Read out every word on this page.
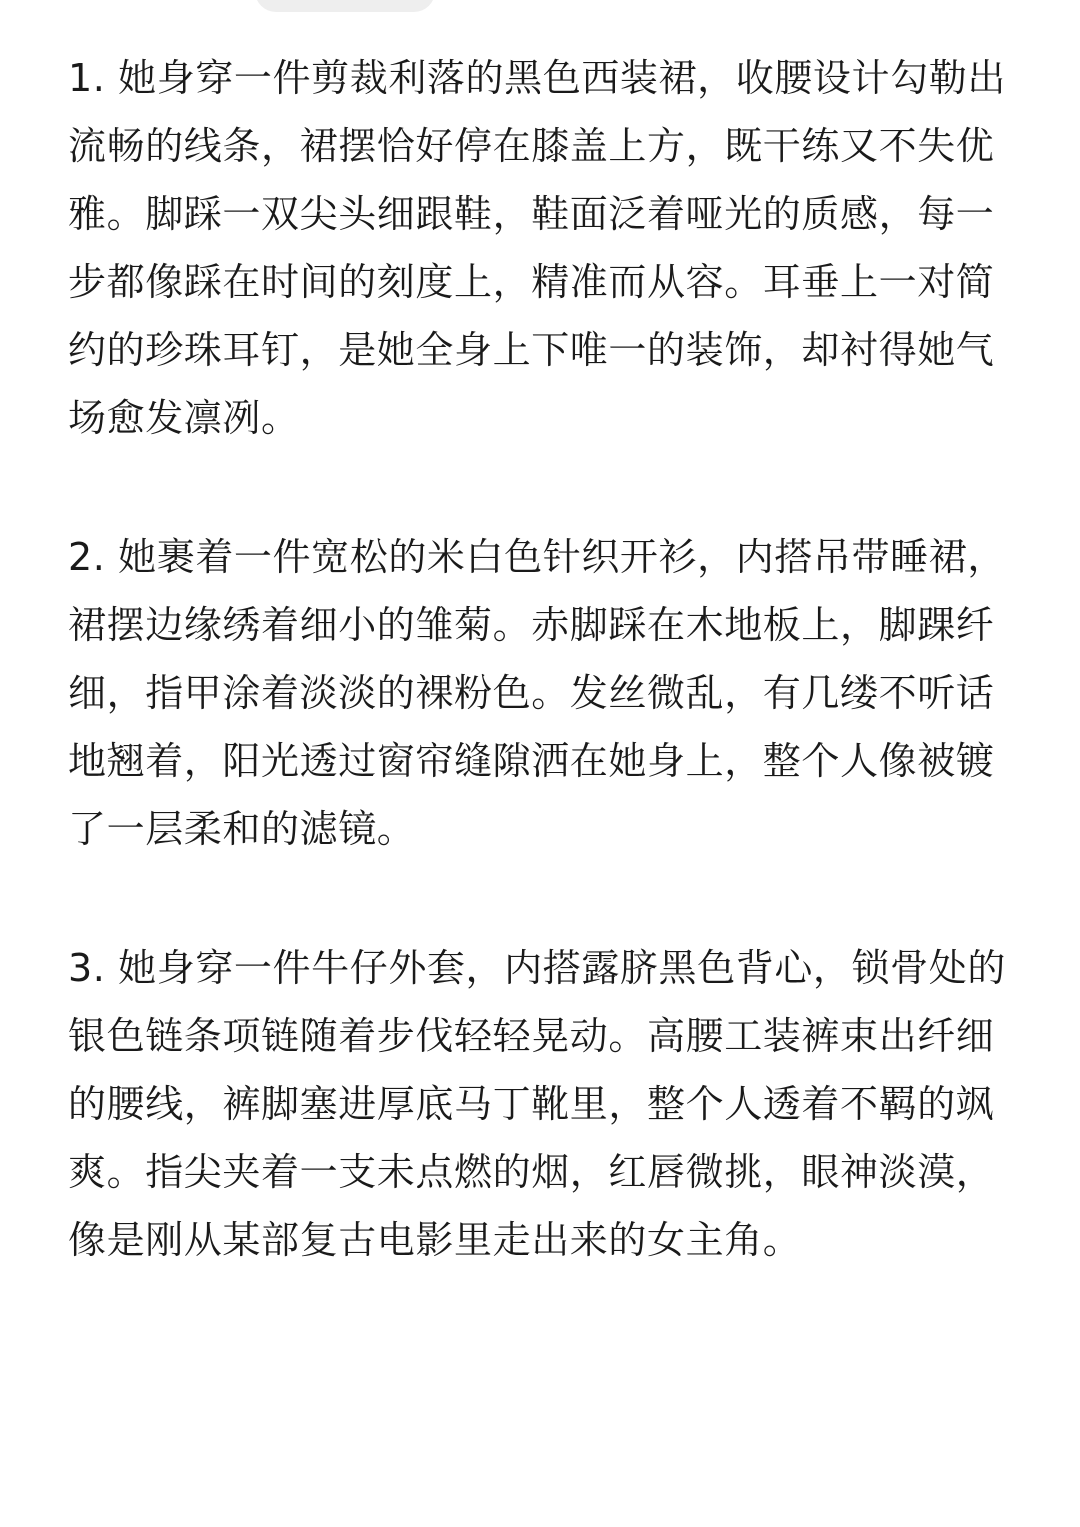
1. 她身穿一件剪裁利落的黑色西装裙，收腰设计勾勒出流畅的线条，裙摆恰好停在膝盖上方，既干练又不失优雅。脚踩一双尖头细跟鞋，鞋面泛着哑光的质感，每一步都像踩在时间的刻度上，精准而从容。耳垂上一对简约的珍珠耳钉，是她全身上下唯一的装饰，却衬得她气场愈发凛冽。

2. 她裹着一件宽松的米白色针织开衫，内搭吊带睡裙，裙摆边缘绣着细小的雏菊。赤脚踩在木地板上，脚踝纤细，指甲涂着淡淡的裸粉色。发丝微乱，有几缕不听话地翘着，阳光透过窗帘缝隙洒在她身上，整个人像被镀了一层柔和的滤镜。

3. 她身穿一件牛仔外套，内搭露脐黑色背心，锁骨处的银色链条项链随着步伐轻轻晃动。高腰工装裤束出纤细的腰线，裤脚塞进厚底马丁靴里，整个人透着不羁的飒爽。指尖夹着一支未点燃的烟，红唇微挑，眼神淡漠，像是刚从某部复古电影里走出来的女主角。
